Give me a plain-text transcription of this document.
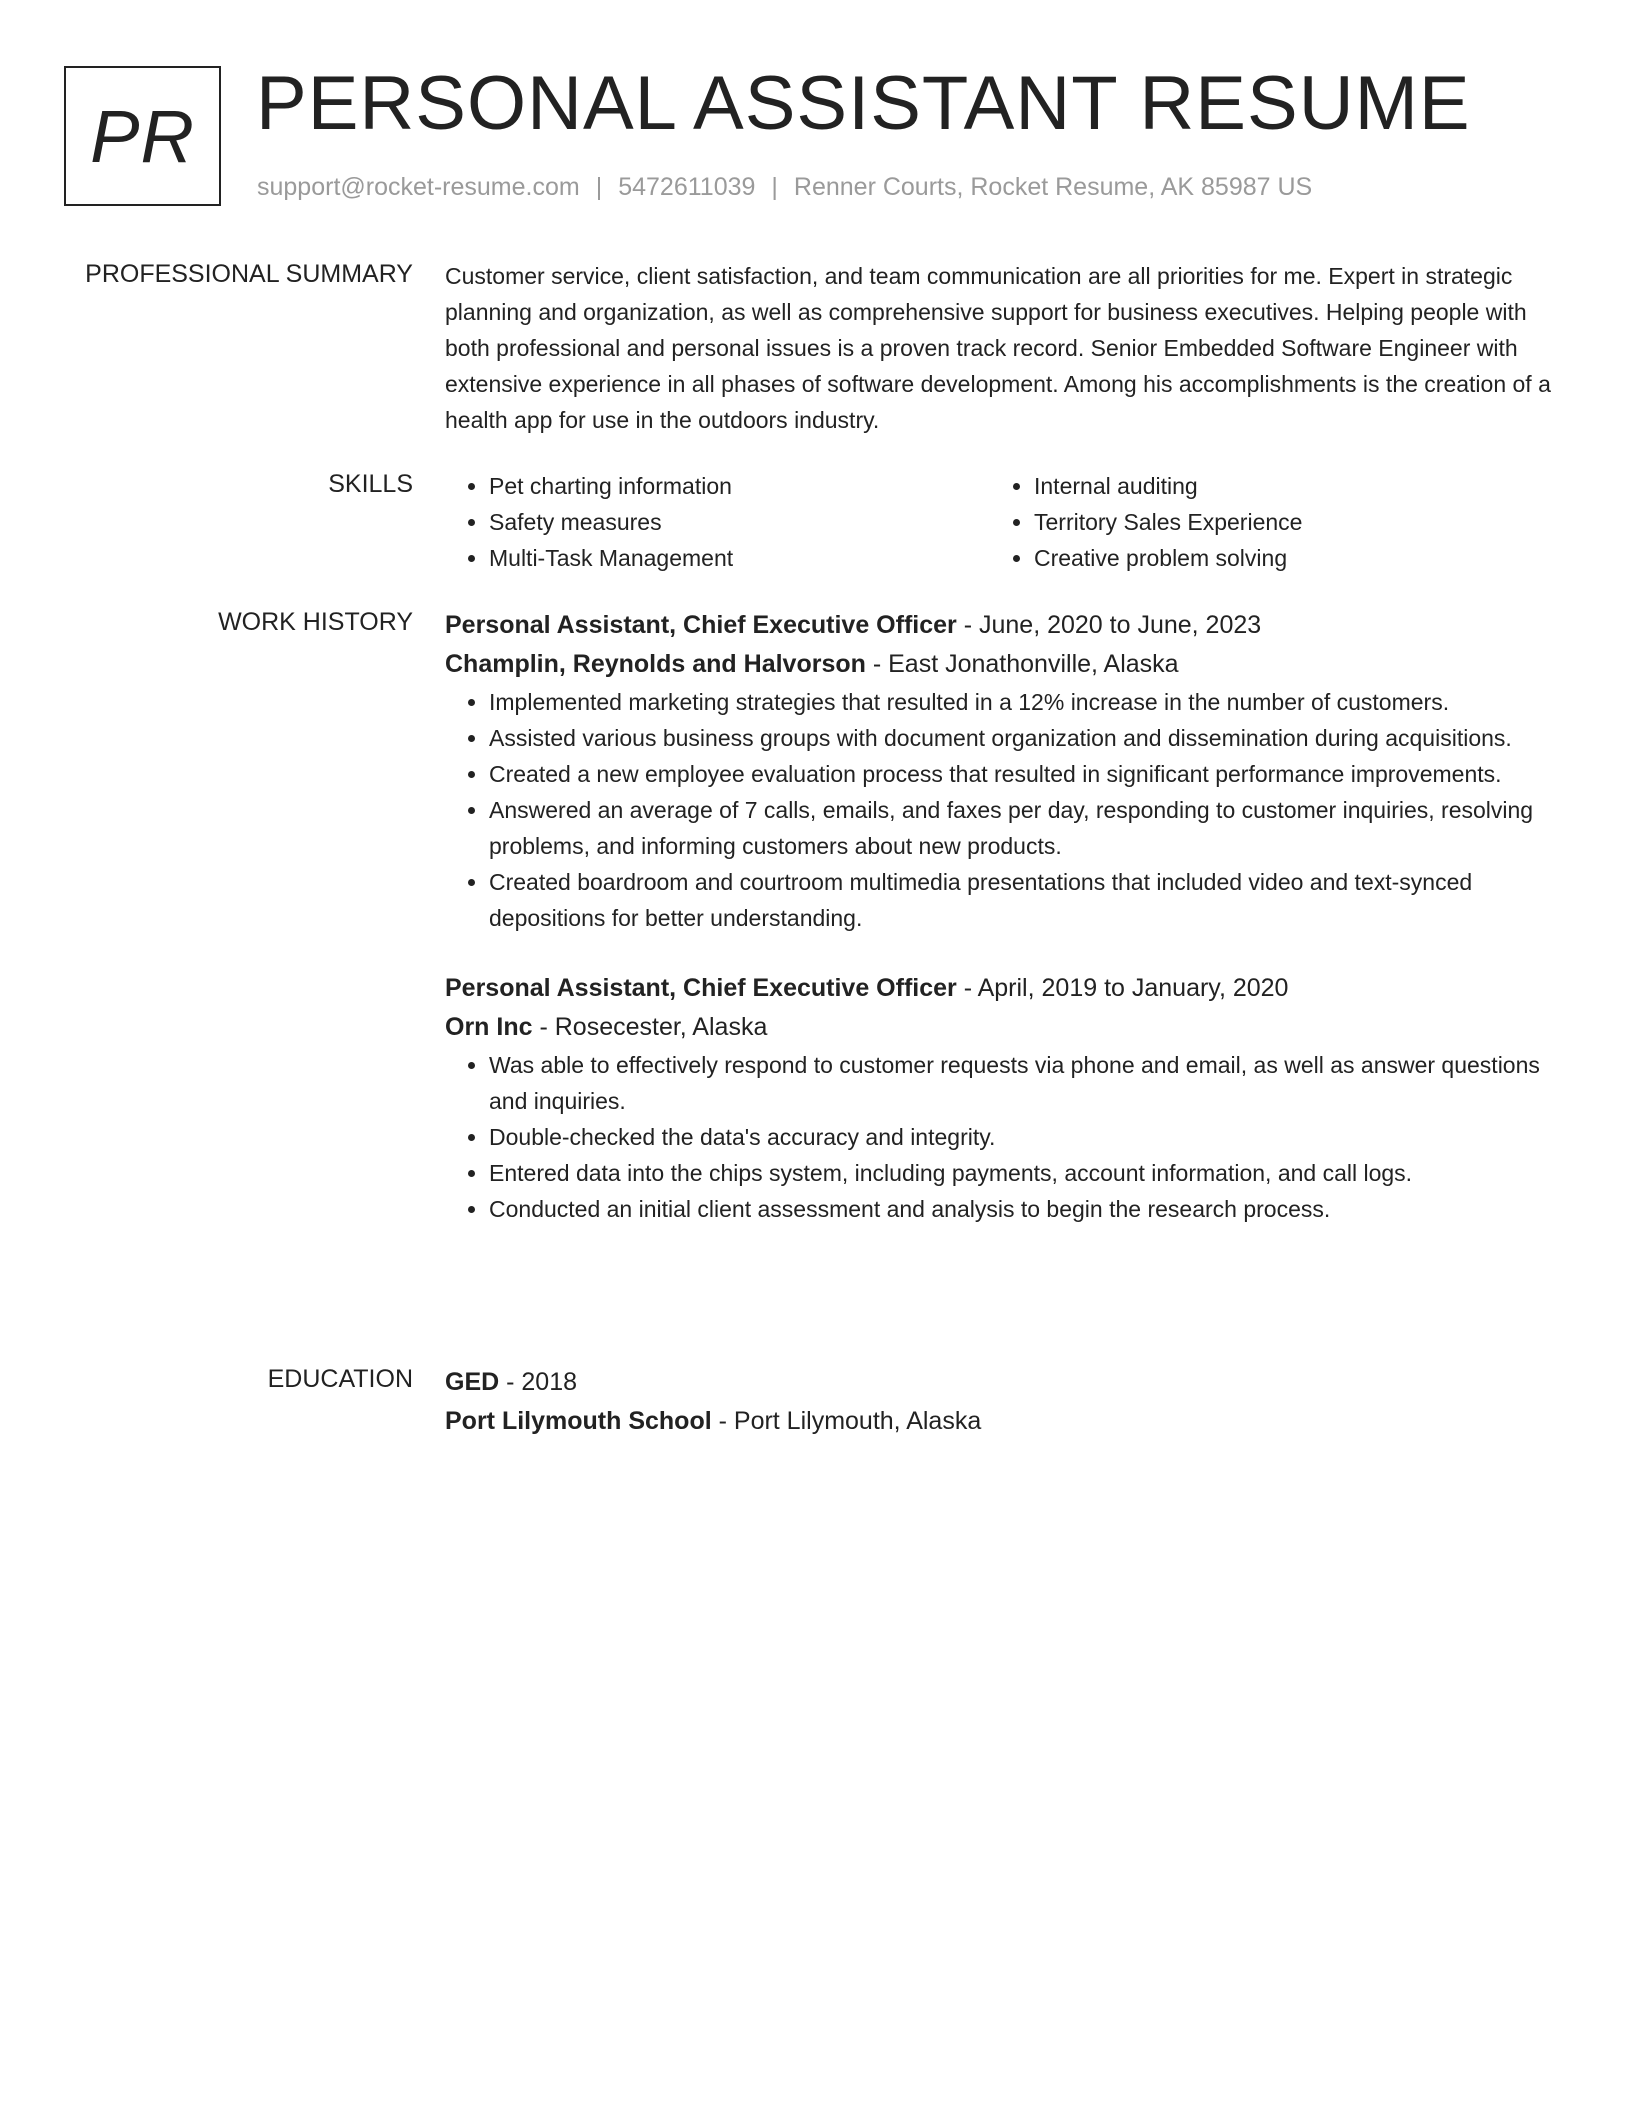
PR PERSONAL ASSISTANT RESUME
support@rocket-resume.com | 5472611039 | Renner Courts, Rocket Resume, AK 85987 US
PROFESSIONAL SUMMARY Customer service, client satisfaction, and team communication are all priorities for me. Expert in strategic planning and organization, as well as comprehensive support for business executives. Helping people with both professional and personal issues is a proven track record. Senior Embedded Software Engineer with extensive experience in all phases of software development. Among his accomplishments is the creation of a health app for use in the outdoors industry.

SKILLS
•	Pet charting information
• Safety measures
• Multi-Task Management
• Internal auditing
• Territory Sales Experience
• Creative problem solving
WORK HISTORY Personal Assistant, Chief Executive Officer - June, 2020 to June, 2023
Champlin, Reynolds and Halvorson - East Jonathonville, Alaska
• Implemented marketing strategies that resulted in a 12% increase in the number of customers.
• Assisted various business groups with document organization and dissemination during acquisitions.
• Created a new employee evaluation process that resulted in significant performance improvements.
• Answered an average of 7 calls, emails, and faxes per day, responding to customer inquiries, resolving problems, and informing customers about new products.
• Created boardroom and courtroom multimedia presentations that included video and text-synced depositions for better understanding.
Personal Assistant, Chief Executive Officer - April, 2019 to January, 2020
Orn Inc - Rosecester, Alaska
• Was able to effectively respond to customer requests via phone and email, as well as answer questions and inquiries.
• Double-checked the data's accuracy and integrity.
• Entered data into the chips system, including payments, account information, and call logs.
• Conducted an initial client assessment and analysis to begin the research process.
EDUCATION GED - 2018
Port Lilymouth School - Port Lilymouth, Alaska
